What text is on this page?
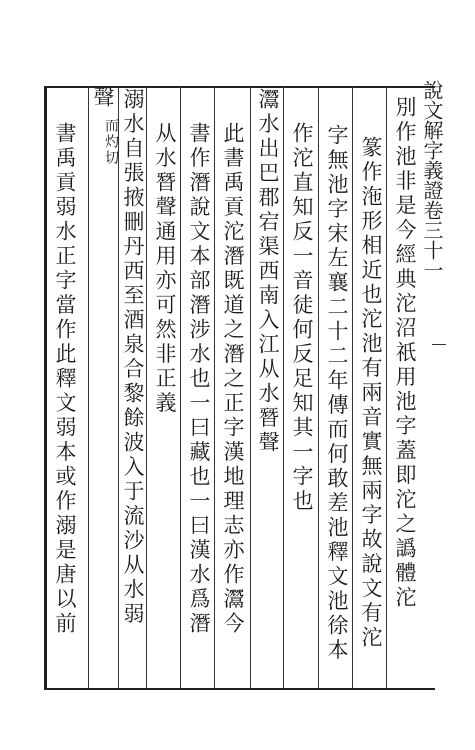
說文解字義證卷三十一
別作池非是今經典沱沼祇用池字蓋即沱之譌體沱
篆作沲形相近也沱池有兩音實無兩字故說文有沱
字無池字宋左襄二十二年傳而何敢差池釋文池徐本
作沱直知反一音徒何反足知其一字也
灊水出巴郡宕渠西南入江从水朁聲
此書禹貢沱潛既道之潛之正字漢地理志亦作灊今
書作潛說文本部潛涉水也一曰藏也一曰漢水爲潛
从水朁聲通用亦可然非正義
溺水自張掖刪丹西至酒泉合黎餘波入于流沙从水弱
聲
而灼切
書禹貢弱水正字當作此釋文弱本或作溺是唐以前
